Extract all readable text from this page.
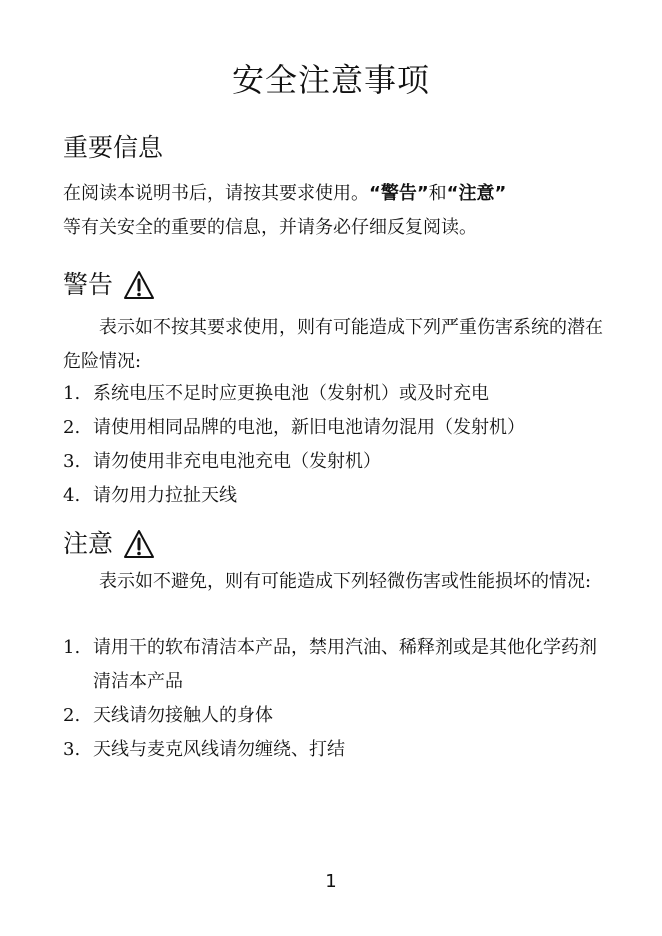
安全注意事项
重要信息

在阅读本说明书后，请按其要求使用。“警告”和“注意”
等有关安全的重要的信息，并请务必仔细反复阅读。

警告

表示如不按其要求使用，则有可能造成下列严重伤害系统的潜在危险情况:

1. 系统电压不足时应更换电池（发射机）或及时充电
2. 请使用相同品牌的电池，新旧电池请勿混用（发射机）
3. 请勿使用非充电电池充电（发射机）
4. 请勿用力拉扯天线
注意

表示如不避免，则有可能造成下列轻微伤害或性能损坏的情况:

1. 请用干的软布清洁本产品，禁用汽油、稀释剂或是其他化学药剂清洁本产品
2. 天线请勿接触人的身体
3. 天线与麦克风线请勿缠绕、打结
1
